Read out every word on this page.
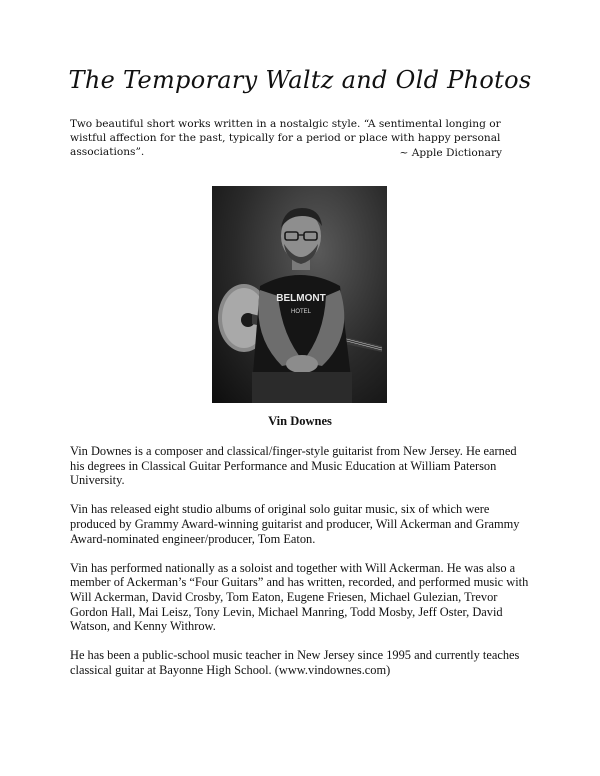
The Temporary Waltz and Old Photos

Two beautiful short works written in a nostalgic style. “A sentimental longing or wistful affection for the past, typically for a period or place with happy personal associations”.	~ Apple Dictionary
BELMONT
HOTEL
Vin Downes

Vin Downes is a composer and classical/finger-style guitarist from New Jersey. He earned his degrees in Classical Guitar Performance and Music Education at William Paterson University.

Vin has released eight studio albums of original solo guitar music, six of which were produced by Grammy Award-winning guitarist and producer, Will Ackerman and Grammy Award-nominated engineer/producer, Tom Eaton.

Vin has performed nationally as a soloist and together with Will Ackerman. He was also a member of Ackerman’s “Four Guitars” and has written, recorded, and performed music with Will Ackerman, David Crosby, Tom Eaton, Eugene Friesen, Michael Gulezian, Trevor Gordon Hall, Mai Leisz, Tony Levin, Michael Manring, Todd Mosby, Jeff Oster, David Watson, and Kenny Withrow.

He has been a public-school music teacher in New Jersey since 1995 and currently teaches classical guitar at Bayonne High School. (www.vindownes.com)
